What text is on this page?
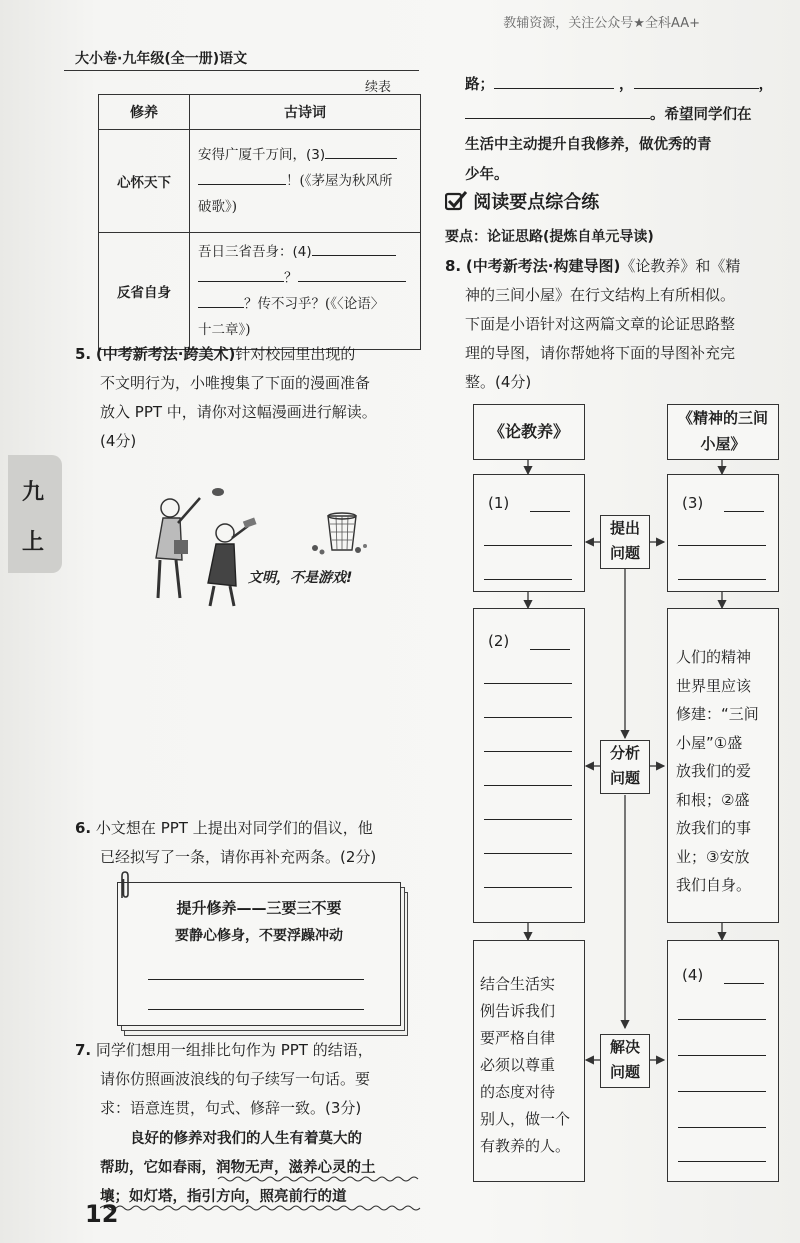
教辅资源，关注公众号★全科AA+
大小卷·九年级(全一册)语文
续表
修养	古诗词
心怀天下	安得广厦千万间，(3)
！(《茅屋为秋风所
破歌》)

反省自身	吾日三省吾身：(4)
？
？传不习乎？(《〈论语〉
十二章》)
九
上
5. (中考新考法·跨美术)针对校园里出现的
不文明行为，小唯搜集了下面的漫画准备
放入 PPT 中，请你对这幅漫画进行解读。
(4分)
文明，不是游戏!
6. 小文想在 PPT 上提出对同学们的倡议，他
已经拟写了一条，请你再补充两条。(2分)
提升修养——三要三不要
要静心修身，不要浮躁冲动
7. 同学们想用一组排比句作为 PPT 的结语，
请你仿照画波浪线的句子续写一句话。要
求：语意连贯，句式、修辞一致。(3分)
良好的修养对我们的人生有着莫大的
帮助，它如春雨，润物无声，滋养心灵的土
壤；如灯塔，指引方向，照亮前行的道
路；	，	，
。希望同学们在
生活中主动提升自我修养，做优秀的青
少年。
阅读要点综合练
要点：论证思路(提炼自单元导读)
8. (中考新考法·构建导图)《论教养》和《精
神的三间小屋》在行文结构上有所相似。
下面是小语针对这两篇文章的论证思路整
理的导图，请你帮她将下面的导图补充完
整。(4分)
《论教养》
《精神的三间
小屋》
(1)	(3)
提出
问题
(2)
人们的精神
世界里应该
修建：“三间
小屋”①盛
放我们的爱
和根；②盛
放我们的事
业；③安放
我们自身。
分析
问题
结合生活实
例告诉我们
要严格自律
必须以尊重
的态度对待
别人，做一个
有教养的人。
(4)
解决
问题
12
